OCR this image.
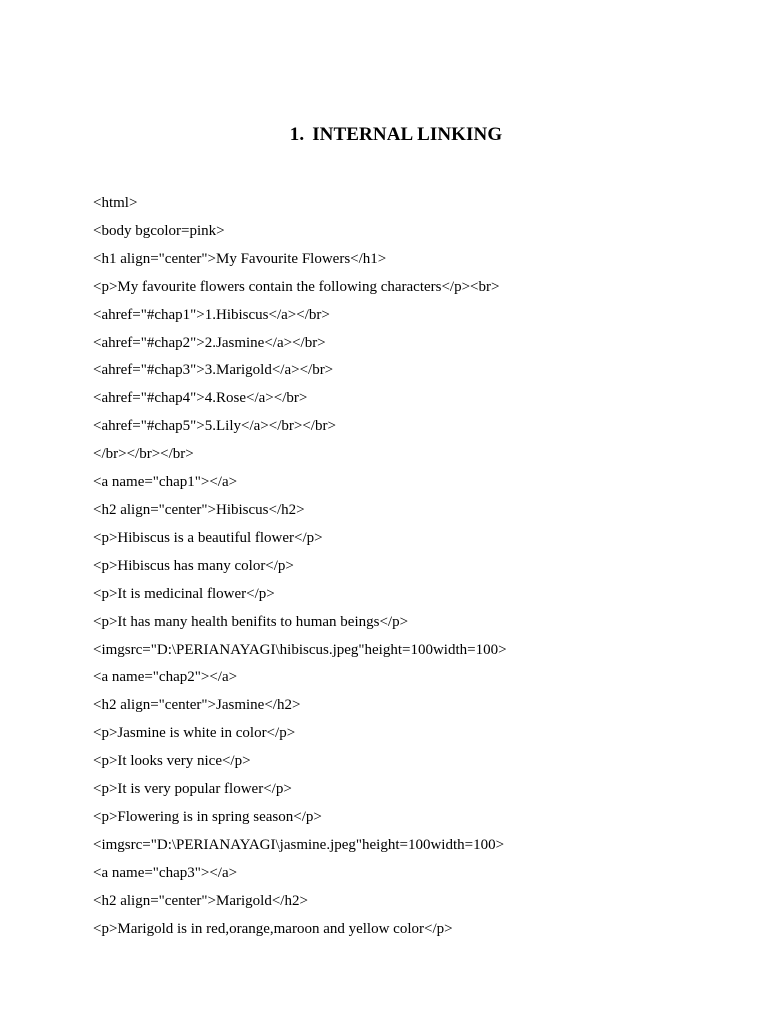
1. INTERNAL LINKING
<html>
<body bgcolor=pink>
<h1 align="center">My Favourite Flowers</h1>
<p>My favourite flowers contain the following characters</p><br>
<ahref="#chap1">1.Hibiscus</a></br>
<ahref="#chap2">2.Jasmine</a></br>
<ahref="#chap3">3.Marigold</a></br>
<ahref="#chap4">4.Rose</a></br>
<ahref="#chap5">5.Lily</a></br></br>
</br></br></br>
<a name="chap1"></a>
<h2 align="center">Hibiscus</h2>
<p>Hibiscus is a beautiful flower</p>
<p>Hibiscus has many color</p>
<p>It is medicinal flower</p>
<p>It has many health benifits to human beings</p>
<imgsrc="D:\PERIANAYAGI\hibiscus.jpeg"height=100width=100>
<a name="chap2"></a>
<h2 align="center">Jasmine</h2>
<p>Jasmine is white in color</p>
<p>It looks very nice</p>
<p>It is very popular flower</p>
<p>Flowering is in spring season</p>
<imgsrc="D:\PERIANAYAGI\jasmine.jpeg"height=100width=100>
<a name="chap3"></a>
<h2 align="center">Marigold</h2>
<p>Marigold is in red,orange,maroon and yellow color</p>
